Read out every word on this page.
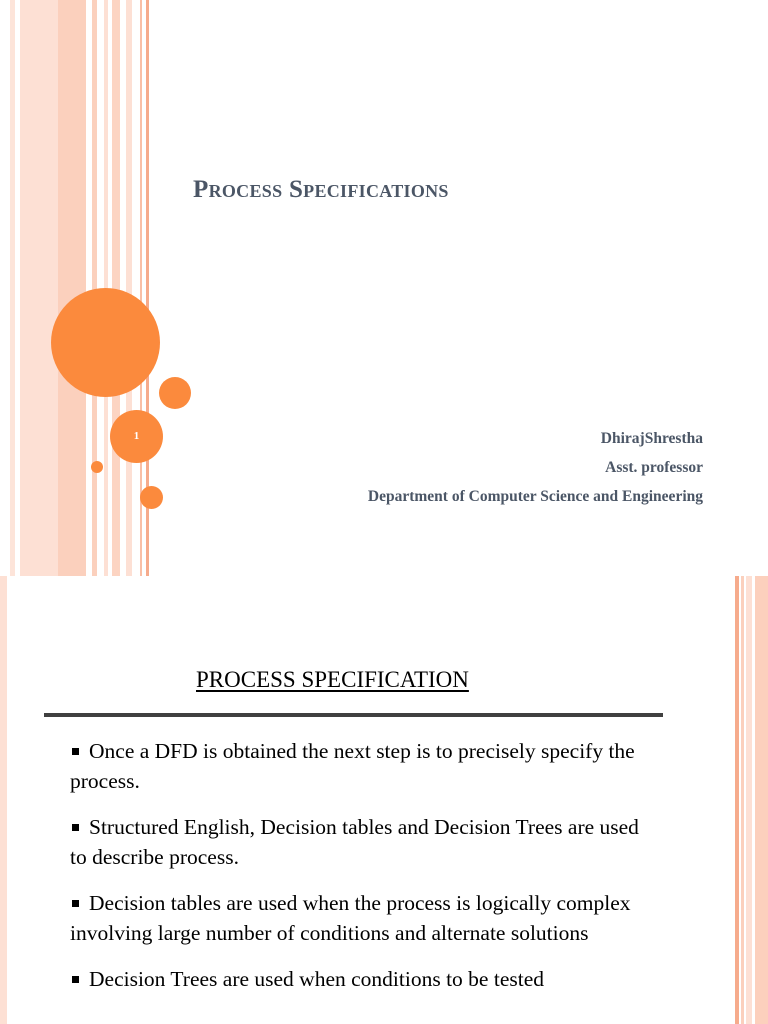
Process Specifications
1	DhirajShrestha
Asst. professor
Department of Computer Science and Engineering
PROCESS SPECIFICATION
Once a DFD is obtained the next step is to precisely specify the process.
Structured English, Decision tables and Decision Trees are used to describe process.
Decision tables are used when the process is logically complex involving large number of conditions and alternate solutions
Decision Trees are used when conditions to be tested
